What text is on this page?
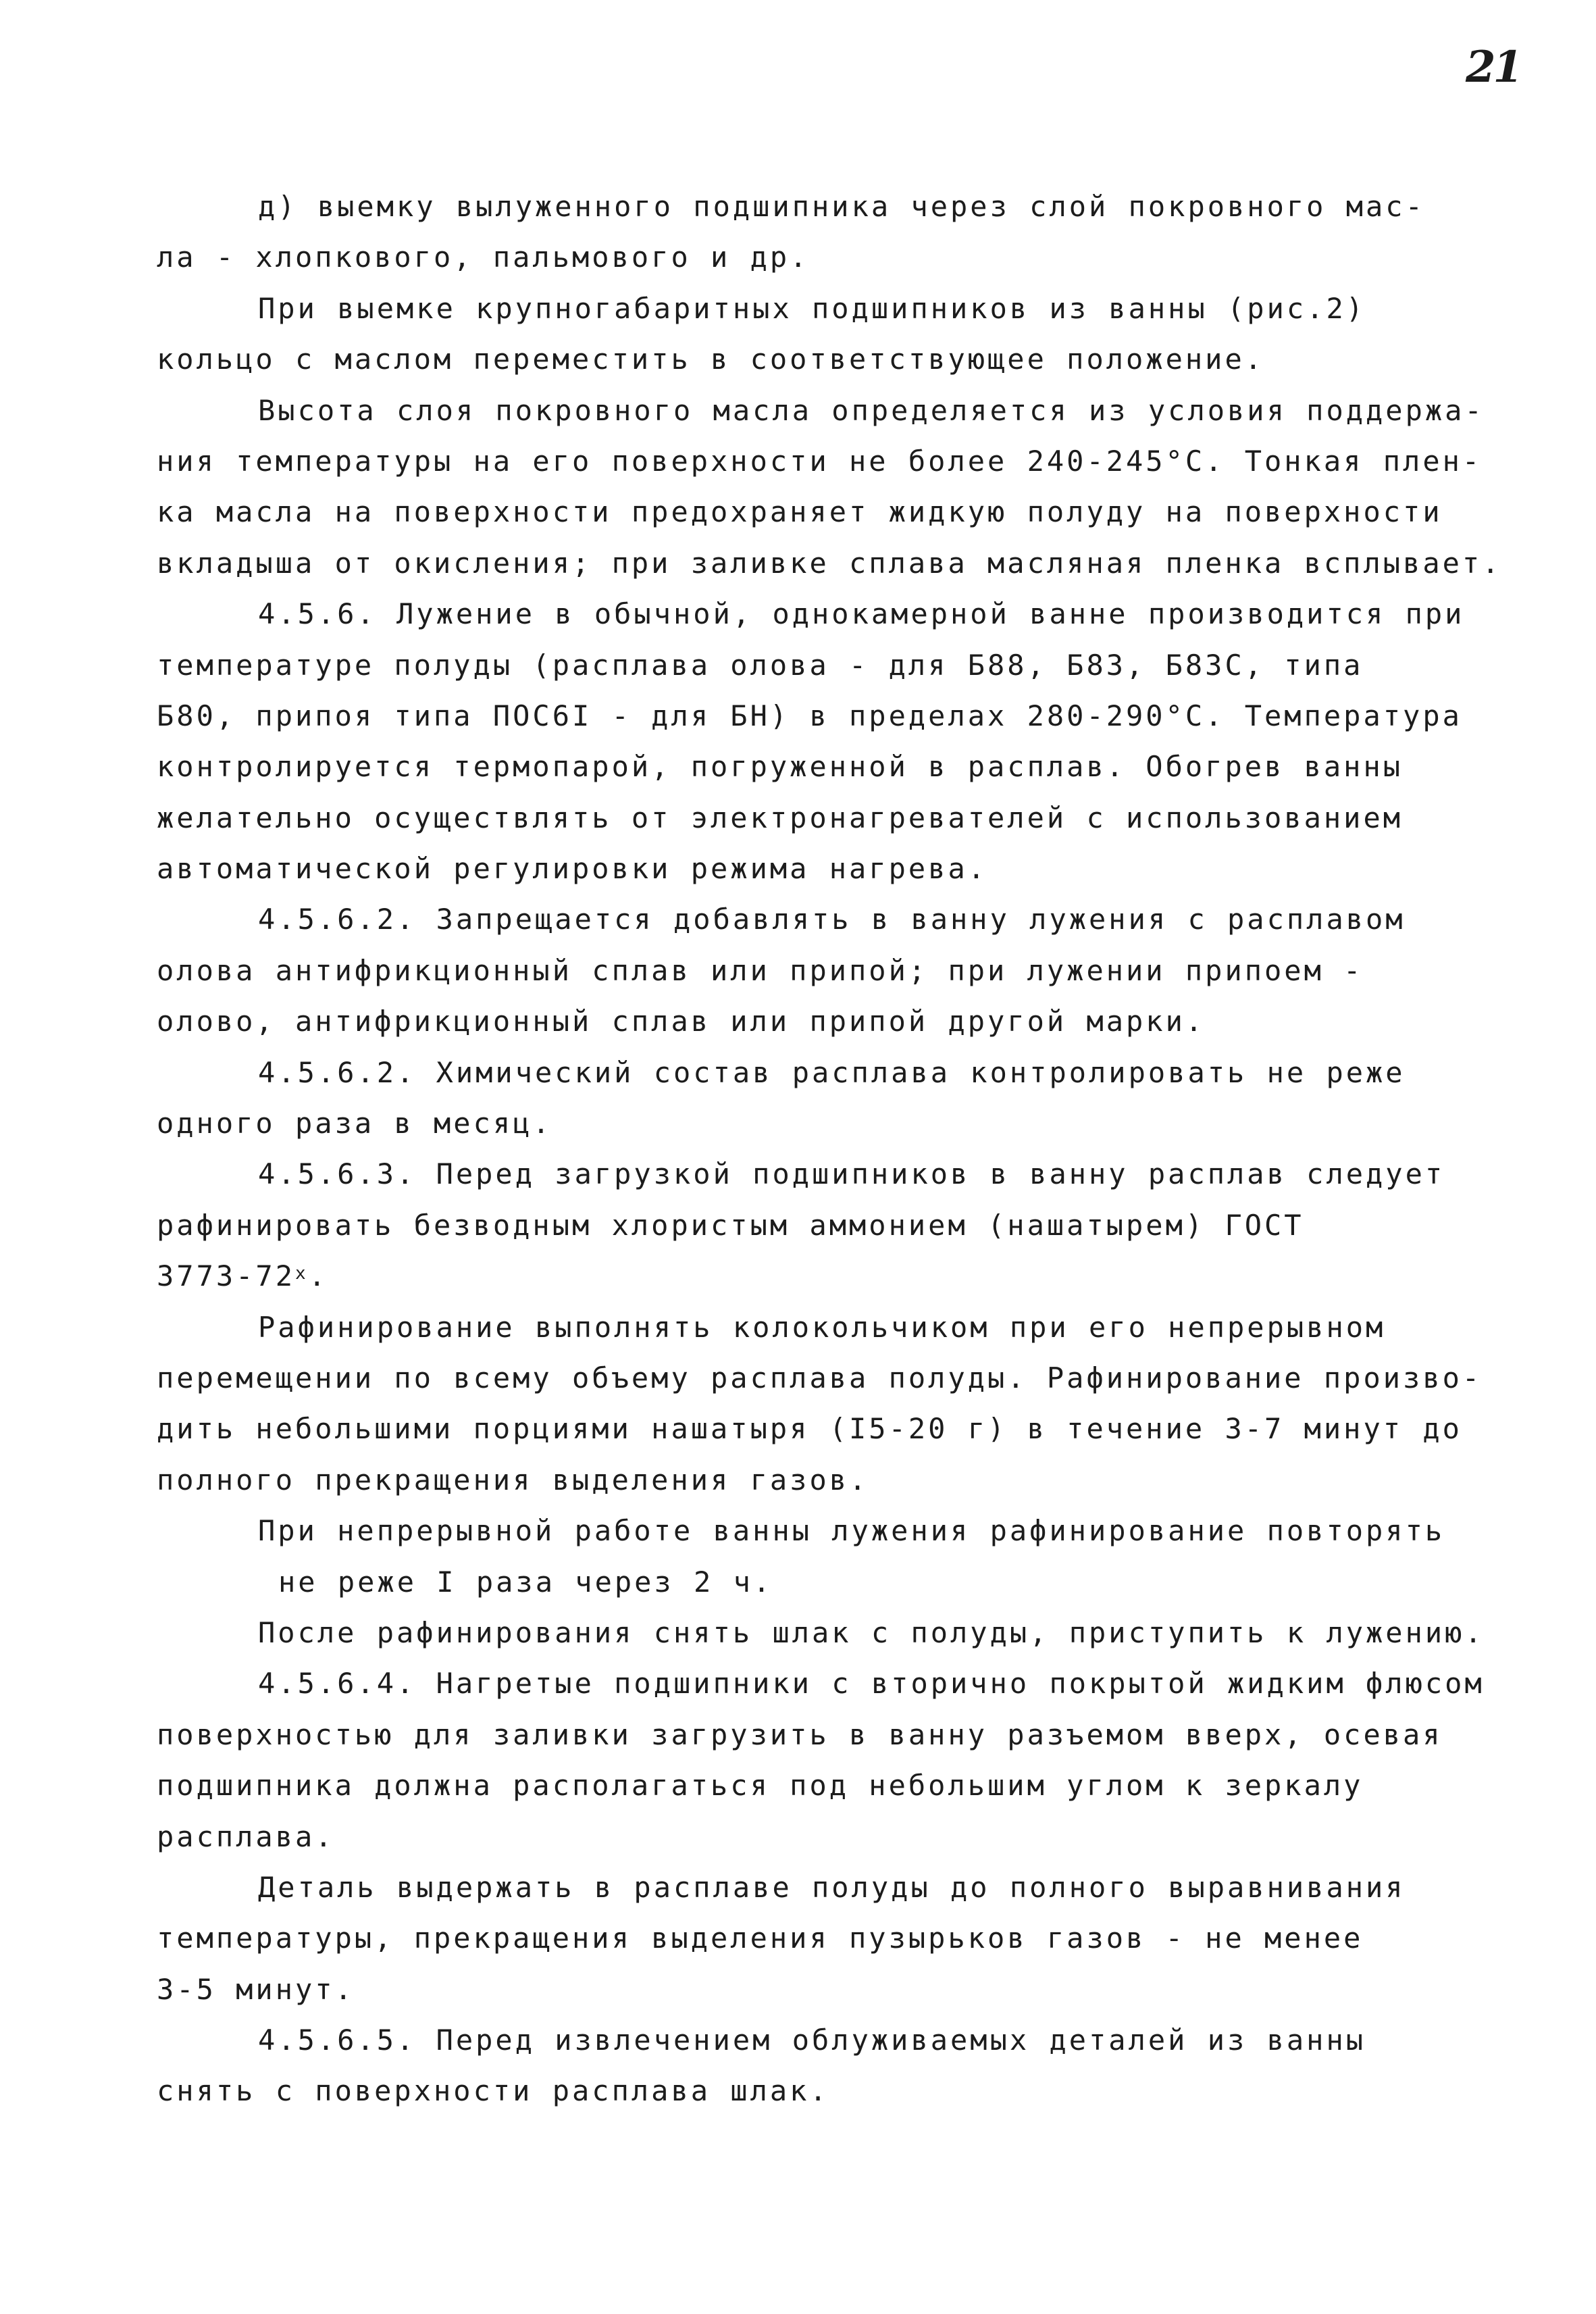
21
д) выемку вылуженного подшипника через слой покровного мас-
ла - хлопкового, пальмового и др.
При выемке крупногабаритных подшипников из ванны (рис.2)
кольцо с маслом переместить в соответствующее положение.
Высота слоя покровного масла определяется из условия поддержа-
ния температуры на его поверхности не более 240-245°С. Тонкая плен-
ка масла на поверхности предохраняет жидкую полуду на поверхности
вкладыша от окисления; при заливке сплава масляная пленка всплывает.
4.5.6. Лужение в обычной, однокамерной ванне производится при
температуре полуды (расплава олова - для Б88, Б83, Б83С, типа
Б80, припоя типа ПОС6I - для БН) в пределах 280-290°С. Температура
контролируется термопарой, погруженной в расплав. Обогрев ванны
желательно осуществлять от электронагревателей с использованием
автоматической регулировки режима нагрева.
4.5.6.2. Запрещается добавлять в ванну лужения с расплавом
олова антифрикционный сплав или припой; при лужении припоем -
олово, антифрикционный сплав или припой другой марки.
4.5.6.2. Химический состав расплава контролировать не реже
одного раза в месяц.
4.5.6.3. Перед загрузкой подшипников в ванну расплав следует
рафинировать безводным хлористым аммонием (нашатырем) ГОСТ
3773-72$^x$.
Рафинирование выполнять колокольчиком при его непрерывном
перемещении по всему объему расплава полуды. Рафинирование произво-
дить небольшими порциями нашатыря (I5-20 г) в течение 3-7 минут до
полного прекращения выделения газов.
При непрерывной работе ванны лужения рафинирование повторять
не реже I раза через 2 ч.
После рафинирования снять шлак с полуды, приступить к лужению.
4.5.6.4. Нагретые подшипники с вторично покрытой жидким флюсом
поверхностью для заливки загрузить в ванну разъемом вверх, осевая
подшипника должна располагаться под небольшим углом к зеркалу
расплава.
Деталь выдержать в расплаве полуды до полного выравнивания
температуры, прекращения выделения пузырьков газов - не менее
3-5 минут.
4.5.6.5. Перед извлечением облуживаемых деталей из ванны
снять с поверхности расплава шлак.
